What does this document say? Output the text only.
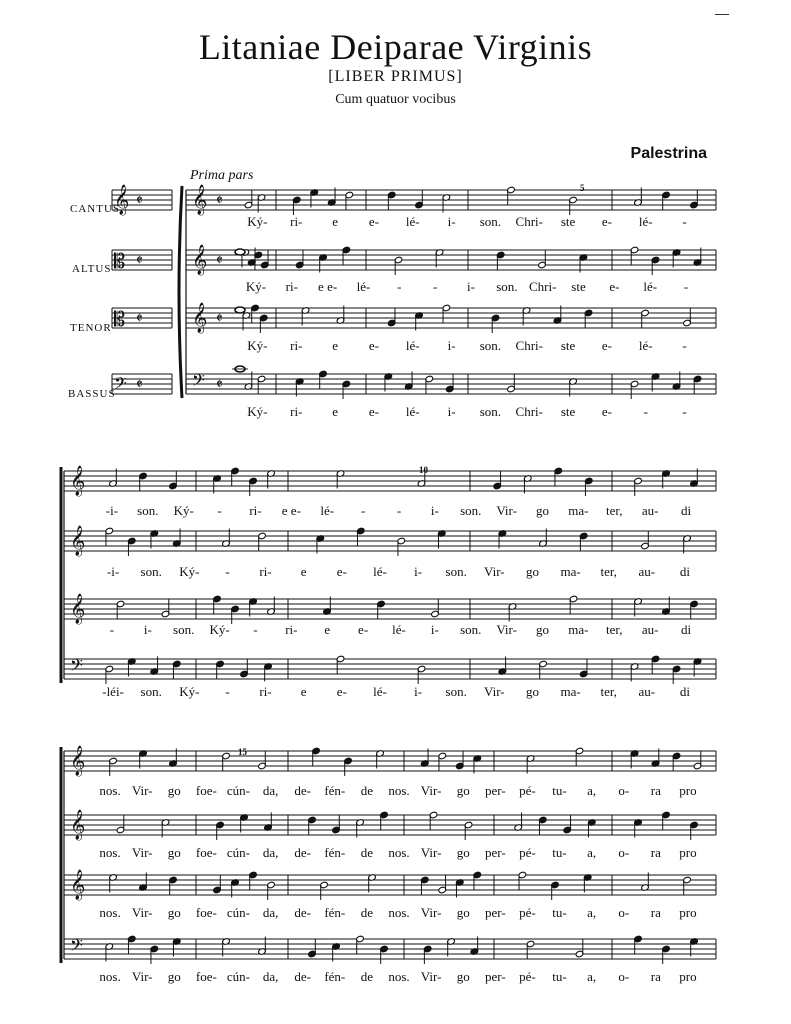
Litaniae Deiparae Virginis
[LIBER PRIMUS]
Cum quatuor vocibus
Palestrina
Prima pars
CANTUS
ALTUS
TENOR
BASSUS
5
10
15
𝄞 𝄵 𝄞 𝄵
𝄡 𝄵 𝄞 𝄵
𝄡 𝄵 𝄞 𝄵
𝄢 𝄵 𝄢 𝄵
𝄞
𝄞
𝄞
𝄢
𝄞
𝄞
𝄞
𝄢
Ký- ri- e e- lé- i- son. Chri- ste e- lé- -
Ký- ri- e e- lé- - - i- son. Chri- ste e- lé- -
Ký- ri- e e- lé- i- son. Chri- ste e- lé- -
Ký- ri- e e- lé- i- son. Chri- ste e- -	-
-i- son. Ký- - ri- e e- lé- - - i- son. Vir- go ma- ter, au- di
-i- son. Ký- - ri- e e- lé- i- son. Vir- go ma- ter, au- di
- i- son. Ký- - ri- e e- lé- i- son. Vir- go ma- ter, au- di
-léi- son. Ký- - ri- e e- lé- i- son. Vir- go ma- ter, au- di
nos. Vir- go foe- cún- da, de- fén- de nos. Vir- go per- pé- tu- a, o- ra pro
nos. Vir- go foe- cún- da, de- fén- de nos. Vir- go per- pé- tu- a, o- ra pro
nos. Vir- go foe- cún- da, de- fén- de nos. Vir- go per- pé- tu- a, o- ra pro
nos. Vir- go foe- cún- da, de- fén- de nos. Vir- go per- pé- tu- a, o- ra pro
